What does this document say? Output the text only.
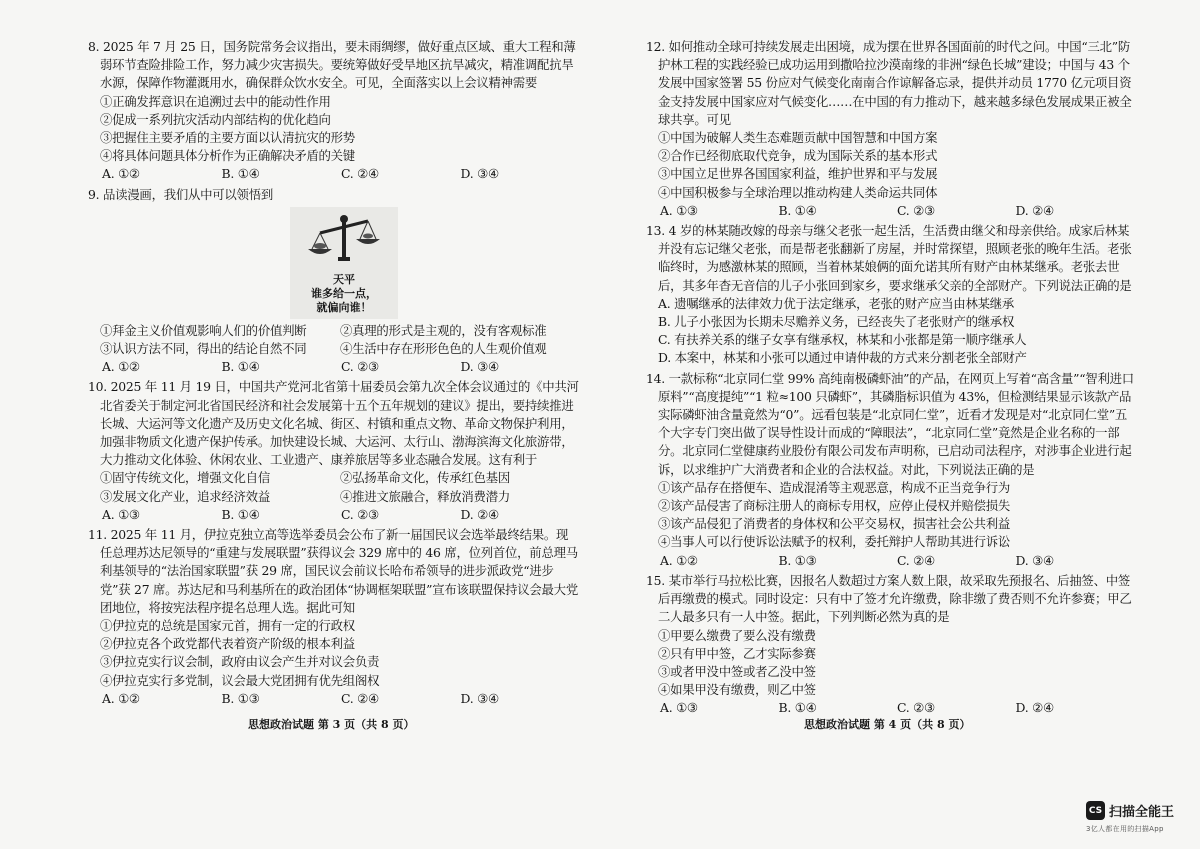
8. 2025 年 7 月 25 日，国务院常务会议指出，要未雨绸缪，做好重点区域、重大工程和薄弱环节查险排险工作，努力减少灾害损失。要统筹做好受旱地区抗旱减灾，精准调配抗旱水源，保障作物灌溉用水，确保群众饮水安全。可见，全面落实以上会议精神需要

①正确发挥意识在追溯过去中的能动性作用

②促成一系列抗灾活动内部结构的优化趋向

③把握住主要矛盾的主要方面以认清抗灾的形势

④将具体问题具体分析作为正确解决矛盾的关键

A. ①②	B. ①④	C. ②④	D. ③④

9. 品读漫画，我们从中可以领悟到

天平
谁多给一点，
就偏向谁！
①拜金主义价值观影响人们的价值判断	②真理的形式是主观的，没有客观标准
③认识方法不同，得出的结论自然不同	④生活中存在形形色色的人生观价值观
A. ①②	B. ①④	C. ②③	D. ③④

10. 2025 年 11 月 19 日，中国共产党河北省第十届委员会第九次全体会议通过的《中共河北省委关于制定河北省国民经济和社会发展第十五个五年规划的建议》提出，要持续推进长城、大运河等文化遗产及历史文化名城、街区、村镇和重点文物、革命文物保护利用，加强非物质文化遗产保护传承。加快建设长城、大运河、太行山、渤海滨海文化旅游带，大力推动文化体验、休闲农业、工业遗产、康养旅居等多业态融合发展。这有利于

①固守传统文化，增强文化自信	②弘扬革命文化，传承红色基因
③发展文化产业，追求经济效益	④推进文旅融合，释放消费潜力
A. ①③	B. ①④	C. ②③	D. ②④

11. 2025 年 11 月，伊拉克独立高等选举委员会公布了新一届国民议会选举最终结果。现任总理苏达尼领导的“重建与发展联盟”获得议会 329 席中的 46 席，位列首位，前总理马利基领导的“法治国家联盟”获 29 席，国民议会前议长哈布希领导的进步派政党“进步党”获 27 席。苏达尼和马利基所在的政治团体“协调框架联盟”宣布该联盟保持议会最大党团地位，将按宪法程序提名总理人选。据此可知

①伊拉克的总统是国家元首，拥有一定的行政权

②伊拉克各个政党都代表着资产阶级的根本利益

③伊拉克实行议会制，政府由议会产生并对议会负责

④伊拉克实行多党制，议会最大党团拥有优先组阁权

A. ①②	B. ①③	C. ②④	D. ③④
思想政治试题 第 3 页（共 8 页）

12. 如何推动全球可持续发展走出困境，成为摆在世界各国面前的时代之问。中国“三北”防护林工程的实践经验已成功运用到撒哈拉沙漠南缘的非洲“绿色长城”建设；中国与 43 个发展中国家签署 55 份应对气候变化南南合作谅解备忘录，提供并动员 1770 亿元项目资金支持发展中国家应对气候变化……在中国的有力推动下，越来越多绿色发展成果正被全球共享。可见

①中国为破解人类生态难题贡献中国智慧和中国方案

②合作已经彻底取代竞争，成为国际关系的基本形式

③中国立足世界各国国家利益，维护世界和平与发展

④中国积极参与全球治理以推动构建人类命运共同体

A. ①③	B. ①④	C. ②③	D. ②④

13. 4 岁的林某随改嫁的母亲与继父老张一起生活，生活费由继父和母亲供给。成家后林某并没有忘记继父老张，而是帮老张翻新了房屋，并时常探望，照顾老张的晚年生活。老张临终时，为感激林某的照顾，当着林某娘俩的面允诺其所有财产由林某继承。老张去世后，其多年杳无音信的儿子小张回到家乡，要求继承父亲的全部财产。下列说法正确的是

A. 遗嘱继承的法律效力优于法定继承，老张的财产应当由林某继承

B. 儿子小张因为长期未尽赡养义务，已经丧失了老张财产的继承权

C. 有扶养关系的继子女享有继承权，林某和小张都是第一顺序继承人

D. 本案中，林某和小张可以通过申请仲裁的方式来分割老张全部财产

14. 一款标称“北京同仁堂 99% 高纯南极磷虾油”的产品，在网页上写着“高含量”“智利进口原料”“高度提纯”“1 粒≈100 只磷虾”，其磷脂标识值为 43%，但检测结果显示该款产品实际磷虾油含量竟然为“0”。远看包装是“北京同仁堂”，近看才发现是对“北京同仁堂”五个大字专门突出做了误导性设计而成的“障眼法”，“北京同仁堂”竟然是企业名称的一部分。北京同仁堂健康药业股份有限公司发布声明称，已启动司法程序，对涉事企业进行起诉，以求维护广大消费者和企业的合法权益。对此，下列说法正确的是

①该产品存在搭便车、造成混淆等主观恶意，构成不正当竞争行为

②该产品侵害了商标注册人的商标专用权，应停止侵权并赔偿损失

③该产品侵犯了消费者的身体权和公平交易权，损害社会公共利益

④当事人可以行使诉讼法赋予的权利，委托辩护人帮助其进行诉讼

A. ①②	B. ①③	C. ②④	D. ③④

15. 某市举行马拉松比赛，因报名人数超过方案人数上限，故采取先预报名、后抽签、中签后再缴费的模式。同时设定：只有中了签才允许缴费，除非缴了费否则不允许参赛；甲乙二人最多只有一人中签。据此，下列判断必然为真的是

①甲要么缴费了要么没有缴费

②只有甲中签，乙才实际参赛

③或者甲没中签或者乙没中签

④如果甲没有缴费，则乙中签

A. ①③	B. ①④	C. ②③	D. ②④
思想政治试题 第 4 页（共 8 页）
CS 扫描全能王
3亿人都在用的扫描App
